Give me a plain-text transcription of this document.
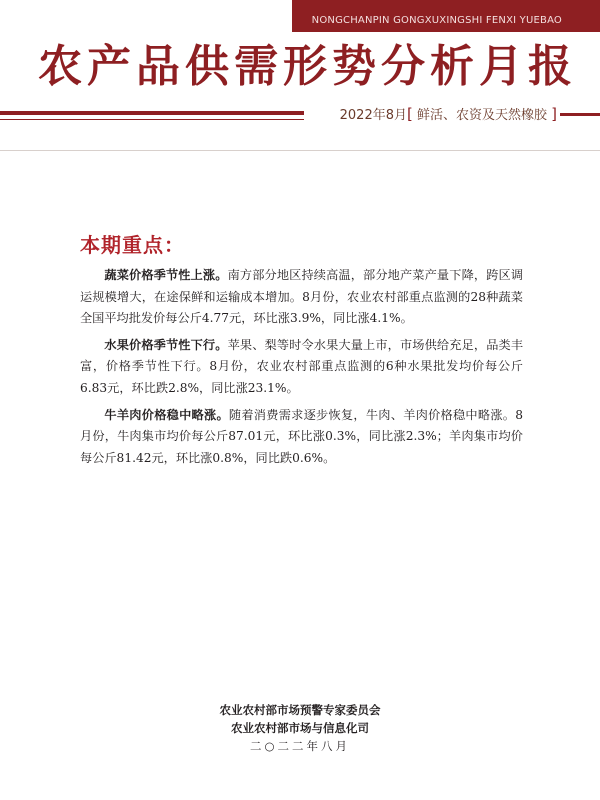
NONGCHANPIN GONGXUXINGSHI FENXI YUEBAO
农产品供需形势分析月报
2022年8月[ 鲜活、农资及天然橡胶 ]
本期重点：

蔬菜价格季节性上涨。南方部分地区持续高温，部分地产菜产量下降，跨区调运规模增大，在途保鲜和运输成本增加。8月份，农业农村部重点监测的28种蔬菜全国平均批发价每公斤4.77元，环比涨3.9%，同比涨4.1%。

水果价格季节性下行。苹果、梨等时令水果大量上市，市场供给充足，品类丰富，价格季节性下行。8月份，农业农村部重点监测的6种水果批发均价每公斤6.83元，环比跌2.8%，同比涨23.1%。

牛羊肉价格稳中略涨。随着消费需求逐步恢复，牛肉、羊肉价格稳中略涨。8月份，牛肉集市均价每公斤87.01元，环比涨0.3%，同比涨2.3%；羊肉集市均价每公斤81.42元，环比涨0.8%，同比跌0.6%。

农业农村部市场预警专家委员会
农业农村部市场与信息化司
二○二二年八月
